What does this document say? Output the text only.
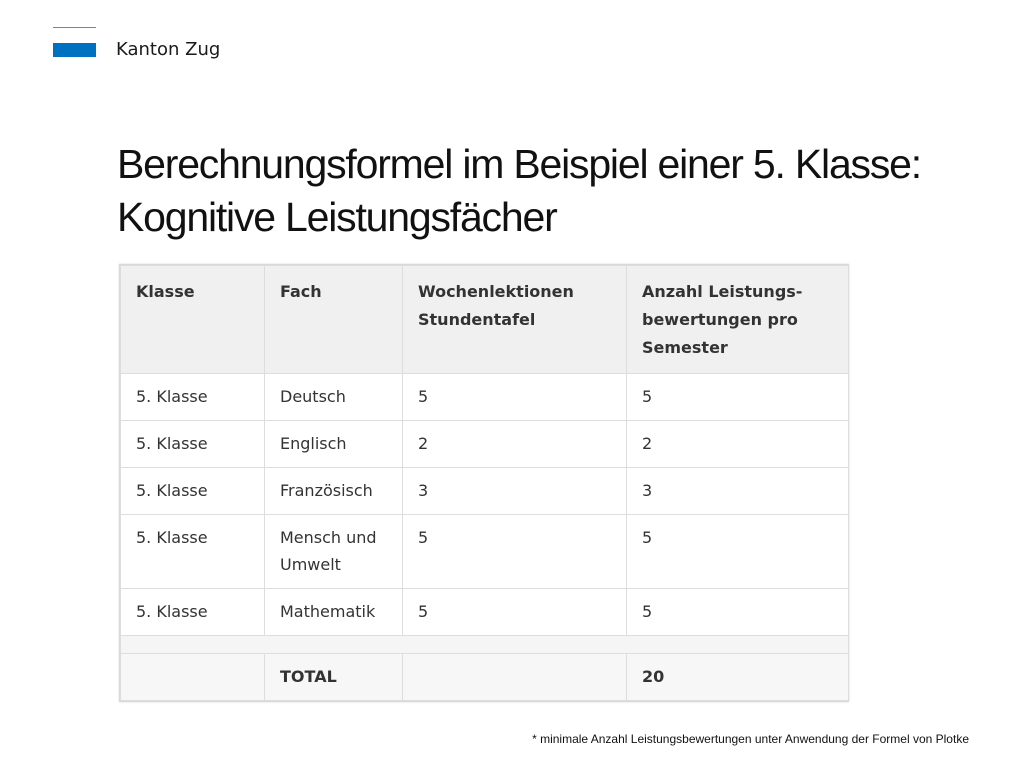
Kanton Zug
Berechnungsformel im Beispiel einer 5. Klasse:
Kognitive Leistungsfächer
Klasse	Fach	Wochenlektionen Stundentafel	Anzahl Leistungs-bewertungen pro Semester
5. Klasse	Deutsch	5	5
5. Klasse	Englisch	2	2
5. Klasse	Französisch	3	3
5. Klasse	Mensch und Umwelt	5	5
5. Klasse	Mathematik	5	5

	TOTAL		20
* minimale Anzahl Leistungsbewertungen unter Anwendung der Formel von Plotke
